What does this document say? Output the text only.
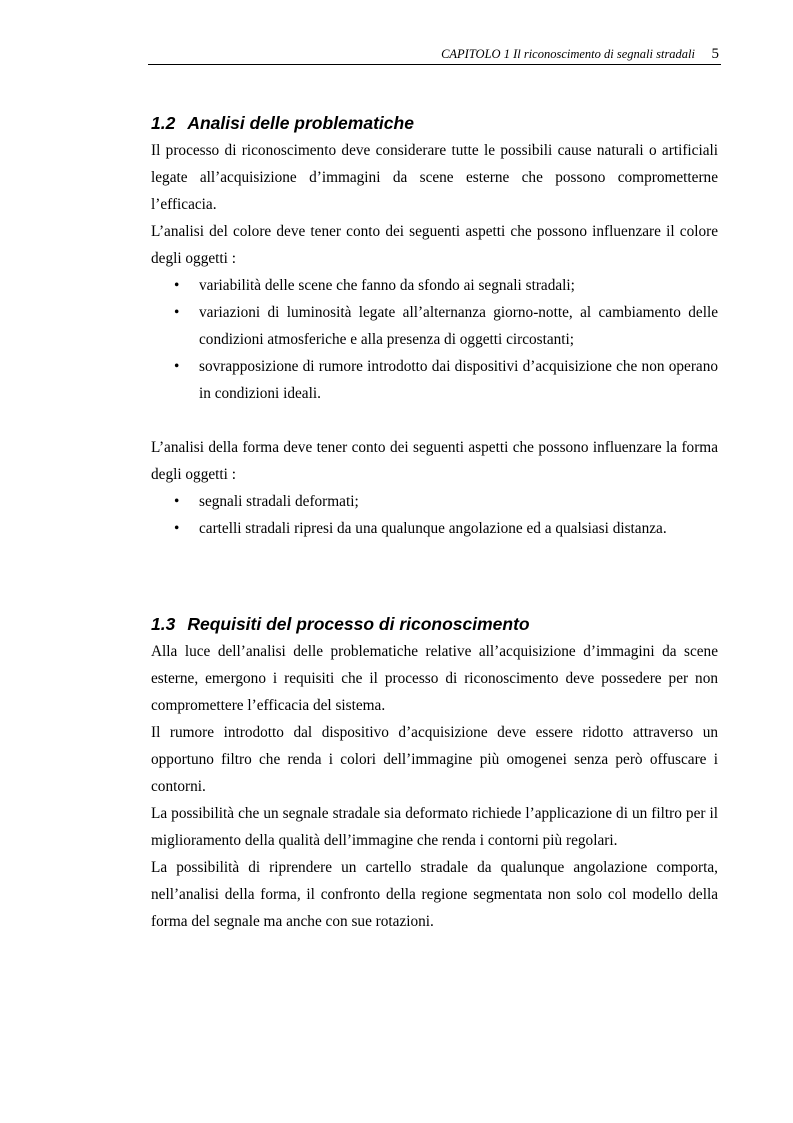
CAPITOLO 1 Il riconoscimento di segnali stradali 5
1.2 Analisi delle problematiche

Il processo di riconoscimento deve considerare tutte le possibili cause naturali o artificiali legate all’acquisizione d’immagini da scene esterne che possono comprometterne l’efficacia.

L’analisi del colore deve tener conto dei seguenti aspetti che possono influenzare il colore degli oggetti :

• variabilità delle scene che fanno da sfondo ai segnali stradali;
• variazioni di luminosità legate all’alternanza giorno-notte, al cambiamento delle condizioni atmosferiche e alla presenza di oggetti circostanti;
• sovrapposizione di rumore introdotto dai dispositivi d’acquisizione che non operano in condizioni ideali.

L’analisi della forma deve tener conto dei seguenti aspetti che possono influenzare la forma degli oggetti :

• segnali stradali deformati;
• cartelli stradali ripresi da una qualunque angolazione ed a qualsiasi distanza.
1.3 Requisiti del processo di riconoscimento

Alla luce dell’analisi delle problematiche relative all’acquisizione d’immagini da scene esterne, emergono i requisiti che il processo di riconoscimento deve possedere per non compromettere l’efficacia del sistema.

Il rumore introdotto dal dispositivo d’acquisizione deve essere ridotto attraverso un opportuno filtro che renda i colori dell’immagine più omogenei senza però offuscare i contorni.

La possibilità che un segnale stradale sia deformato richiede l’applicazione di un filtro per il miglioramento della qualità dell’immagine che renda i contorni più regolari.

La possibilità di riprendere un cartello stradale da qualunque angolazione comporta, nell’analisi della forma, il confronto della regione segmentata non solo col modello della forma del segnale ma anche con sue rotazioni.
